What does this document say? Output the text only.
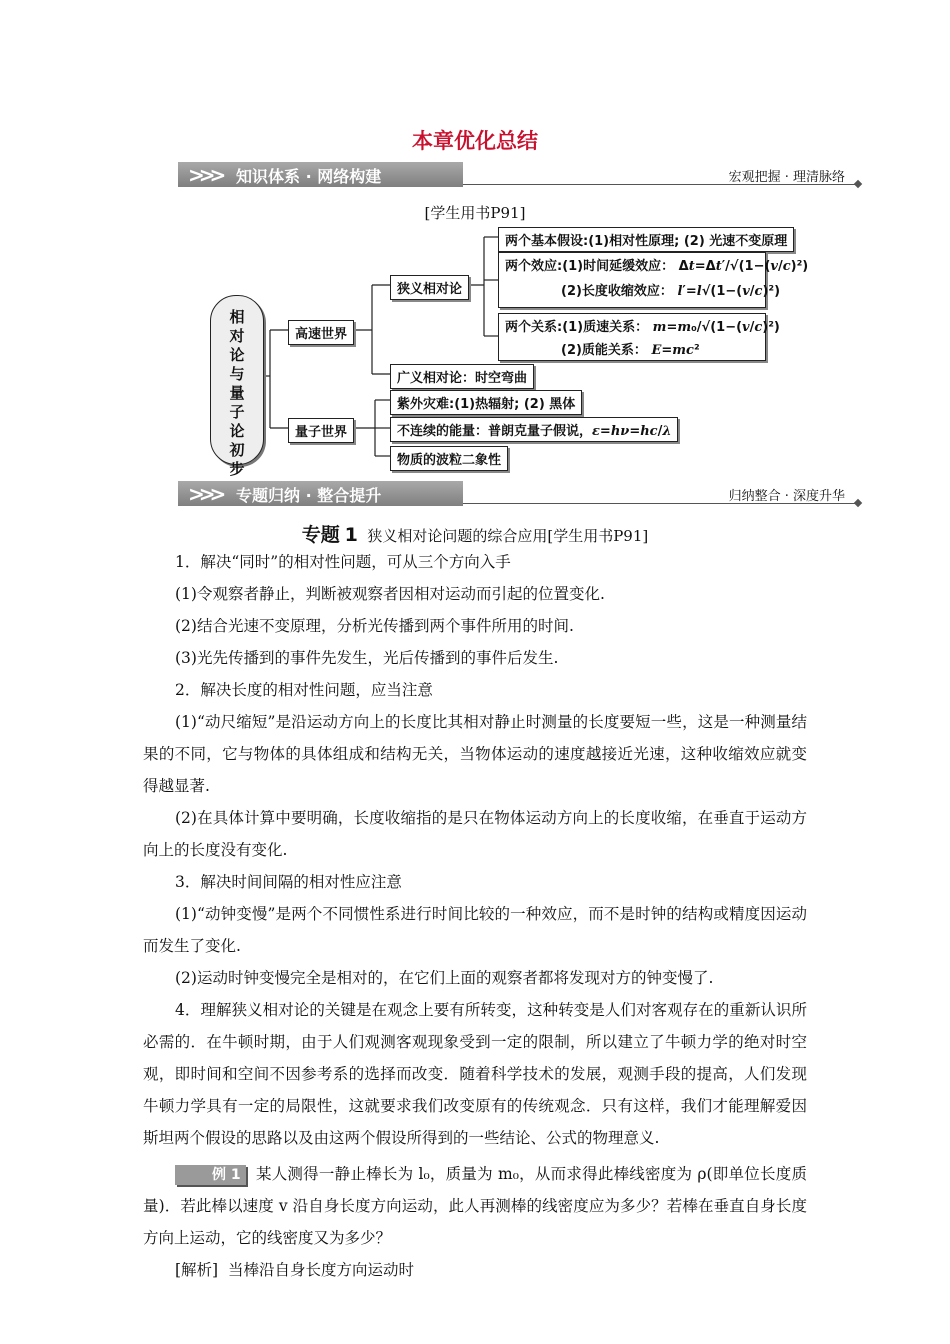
本章优化总结
>>> 知识体系 · 网络构建	宏观把握 · 理清脉络
[学生用书P91]
相对论与量子论初步
高速世界
量子世界
狭义相对论
广义相对论：时空弯曲
紫外灾难:(1)热辐射; (2) 黑体
不连续的能量：普朗克量子假说，ε=hν=hc/λ
物质的波粒二象性
两个基本假设:(1)相对性原理; (2) 光速不变原理
两个效应:(1)时间延缓效应： Δt=Δt′/√(1−(v/c)²)
(2)长度收缩效应： l′=l√(1−(v/c)²)
两个关系:(1)质速关系： m=m₀/√(1−(v/c)²)
(2)质能关系： E=mc²
>>> 专题归纳 · 整合提升	归纳整合 · 深度升华
专题 1 狭义相对论问题的综合应用[学生用书P91]
1．解决“同时”的相对性问题，可从三个方向入手
(1)令观察者静止，判断被观察者因相对运动而引起的位置变化.
(2)结合光速不变原理，分析光传播到两个事件所用的时间.
(3)光先传播到的事件先发生，光后传播到的事件后发生.
2．解决长度的相对性问题，应当注意
(1)“动尺缩短”是沿运动方向上的长度比其相对静止时测量的长度要短一些，这是一种测量结果的不同，它与物体的具体组成和结构无关，当物体运动的速度越接近光速，这种收缩效应就变得越显著.
(2)在具体计算中要明确，长度收缩指的是只在物体运动方向上的长度收缩，在垂直于运动方向上的长度没有变化.
3．解决时间间隔的相对性应注意
(1)“动钟变慢”是两个不同惯性系进行时间比较的一种效应，而不是时钟的结构或精度因运动而发生了变化.
(2)运动时钟变慢完全是相对的，在它们上面的观察者都将发现对方的钟变慢了.
4．理解狭义相对论的关键是在观念上要有所转变，这种转变是人们对客观存在的重新认识所必需的．在牛顿时期，由于人们观测客观现象受到一定的限制，所以建立了牛顿力学的绝对时空观，即时间和空间不因参考系的选择而改变．随着科学技术的发展，观测手段的提高，人们发现牛顿力学具有一定的局限性，这就要求我们改变原有的传统观念．只有这样，我们才能理解爱因斯坦两个假设的思路以及由这两个假设所得到的一些结论、公式的物理意义.
例 1 某人测得一静止棒长为 l₀，质量为 m₀，从而求得此棒线密度为 ρ(即单位长度质量)．若此棒以速度 v 沿自身长度方向运动，此人再测棒的线密度应为多少？若棒在垂直自身长度方向上运动，它的线密度又为多少？
[解析] 当棒沿自身长度方向运动时
